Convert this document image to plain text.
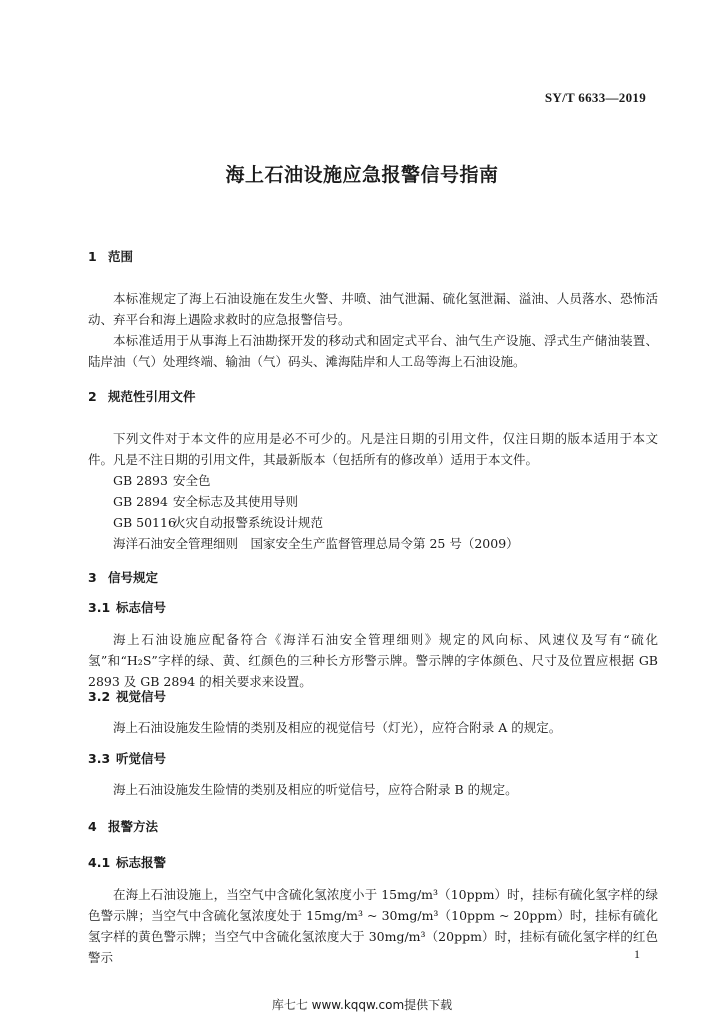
SY/T 6633—2019
海上石油设施应急报警信号指南
1 范围
本标准规定了海上石油设施在发生火警、井喷、油气泄漏、硫化氢泄漏、溢油、人员落水、恐怖活动、弃平台和海上遇险求救时的应急报警信号。
本标准适用于从事海上石油勘探开发的移动式和固定式平台、油气生产设施、浮式生产储油装置、陆岸油（气）处理终端、输油（气）码头、滩海陆岸和人工岛等海上石油设施。
2 规范性引用文件
下列文件对于本文件的应用是必不可少的。凡是注日期的引用文件，仅注日期的版本适用于本文件。凡是不注日期的引用文件，其最新版本（包括所有的修改单）适用于本文件。
GB 2893 安全色
GB 2894 安全标志及其使用导则
GB 50116火灾自动报警系统设计规范
海洋石油安全管理细则　国家安全生产监督管理总局令第 25 号（2009）
3 信号规定
3.1 标志信号
海上石油设施应配备符合《海洋石油安全管理细则》规定的风向标、风速仪及写有“硫化氢”和“H₂S”字样的绿、黄、红颜色的三种长方形警示牌。警示牌的字体颜色、尺寸及位置应根据 GB 2893 及 GB 2894 的相关要求来设置。
3.2 视觉信号
海上石油设施发生险情的类别及相应的视觉信号（灯光），应符合附录 A 的规定。
3.3 听觉信号
海上石油设施发生险情的类别及相应的听觉信号，应符合附录 B 的规定。
4 报警方法
4.1 标志报警
在海上石油设施上，当空气中含硫化氢浓度小于 15mg/m³（10ppm）时，挂标有硫化氢字样的绿色警示牌；当空气中含硫化氢浓度处于 15mg/m³ ~ 30mg/m³（10ppm ~ 20ppm）时，挂标有硫化氢字样的黄色警示牌；当空气中含硫化氢浓度大于 30mg/m³（20ppm）时，挂标有硫化氢字样的红色警示	1
库七七 www.kqqw.com提供下载
